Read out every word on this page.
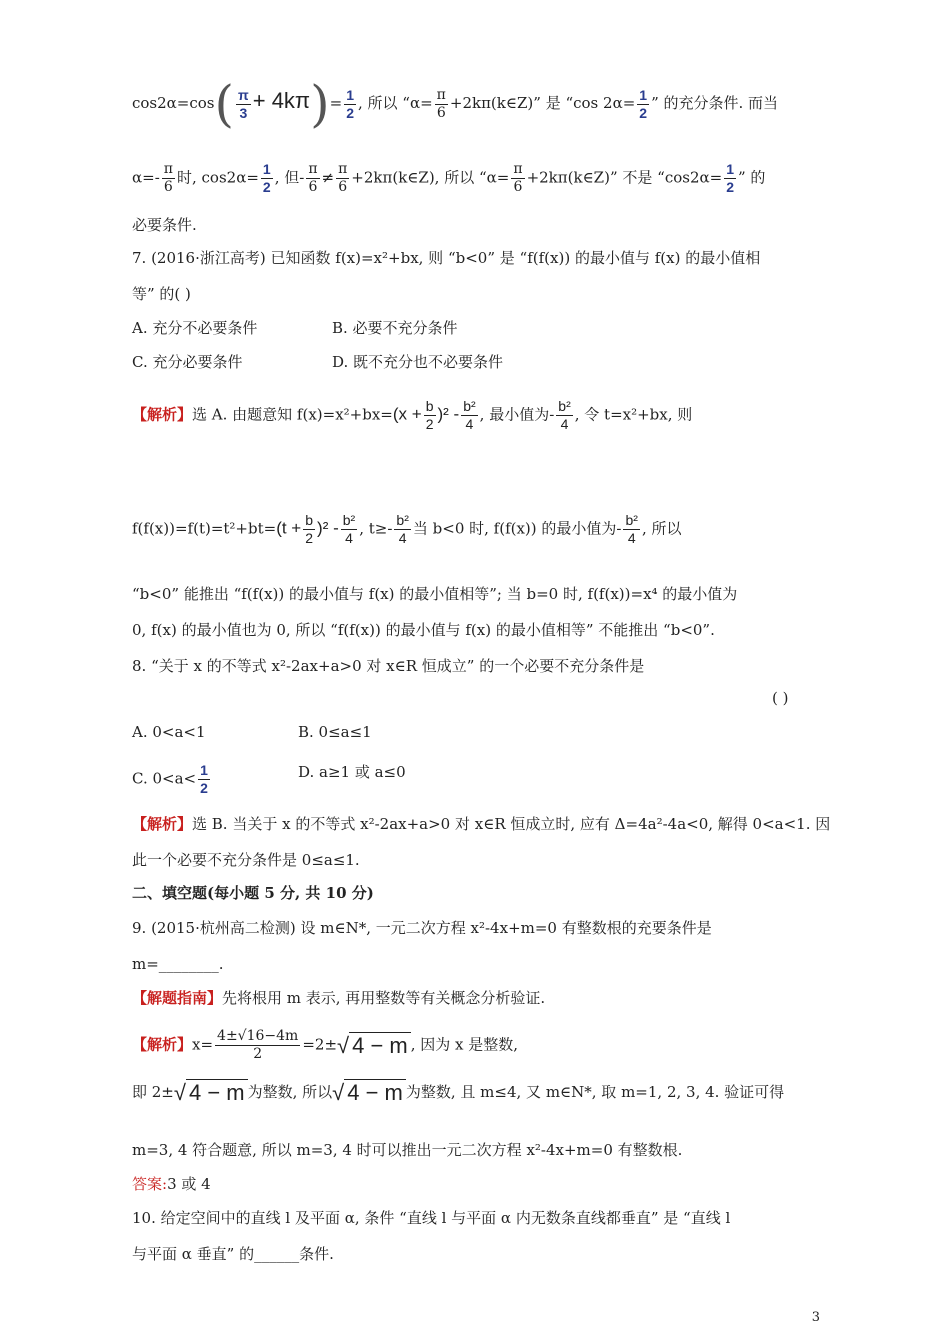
$\cos 2\alpha=\cos( \frac{\pi}{3} + 4k\pi)= \frac{1}{2}$ , 所以 “$\alpha= \frac{\pi}{6}$ +2kπ(k∈Z)” 是 “cos $2\alpha= \frac{1}{2}$ ” 的充分条件. 而当
$\alpha=- \frac{\pi}{6}$ 时, $\cos 2\alpha= \frac{1}{2}$ , 但- $\frac{\pi}{6} \ne \frac{\pi}{6}$ +2kπ(k∈Z), 所以 “$\alpha= \frac{\pi}{6}$ +2kπ(k∈Z)” 不是 “$\cos 2\alpha= \frac{1}{2}$ ” 的
必要条件.
7. (2016·浙江高考) 已知函数 f(x)=x²+bx, 则 “b<0” 是 “f(f(x)) 的最小值与 f(x) 的最小值相
等” 的( )
A. 充分不必要条件	B. 必要不充分条件
C. 充分必要条件	D. 既不充分也不必要条件
【解析】选 A. 由题意知 $f(x)=x^2+bx=(x + \frac{b}{2} )^2 - \frac{\text{b²}}{4}$ , 最小值为- $\frac{\text{b²}}{4}$ , 令 t=x²+bx, 则
$f(f(x))=f(t)=t^2+bt=(t + \frac{b}{2} )^2 - \frac{\text{b²}}{4}$ , $t\ge- \frac{\text{b²}}{4}$ 当 b<0 时, f(f(x)) 的最小值为- $\frac{\text{b²}}{4}$ , 所以
“b<0” 能推出 “f(f(x)) 的最小值与 f(x) 的最小值相等”; 当 b=0 时, f(f(x))=x⁴ 的最小值为
0, f(x) 的最小值也为 0, 所以 “f(f(x)) 的最小值与 f(x) 的最小值相等” 不能推出 “b<0”.
8. “关于 x 的不等式 x²-2ax+a>0 对 x∈R 恒成立” 的一个必要不充分条件是
( )
A. 0<a<1	B. 0≤a≤1
C. $0<a< \frac{1}{2}$	D. a≥1 或 a≤0
【解析】选 B. 当关于 x 的不等式 x²-2ax+a>0 对 x∈R 恒成立时, 应有 Δ=4a²-4a<0, 解得 0<a<1. 因
此一个必要不充分条件是 0≤a≤1.
二、填空题(每小题 5 分, 共 10 分)
9. (2015·杭州高二检测) 设 m∈N*, 一元二次方程 x²-4x+m=0 有整数根的充要条件是
m=________.
【解题指南】先将根用 m 表示, 再用整数等有关概念分析验证.
【解析】$x= \frac{4\pm√16-4m}{2} =2\pm√$ 4 − m , 因为 x 是整数,
即 2±√ 4 − m 为整数, 所以√ 4 − m 为整数, 且 m≤4, 又 m∈N*, 取 m=1, 2, 3, 4. 验证可得
m=3, 4 符合题意, 所以 m=3, 4 时可以推出一元二次方程 x²-4x+m=0 有整数根.
答案:3 或 4
10. 给定空间中的直线 l 及平面 α, 条件 “直线 l 与平面 α 内无数条直线都垂直” 是 “直线 l
与平面 α 垂直” 的______条件.
3
